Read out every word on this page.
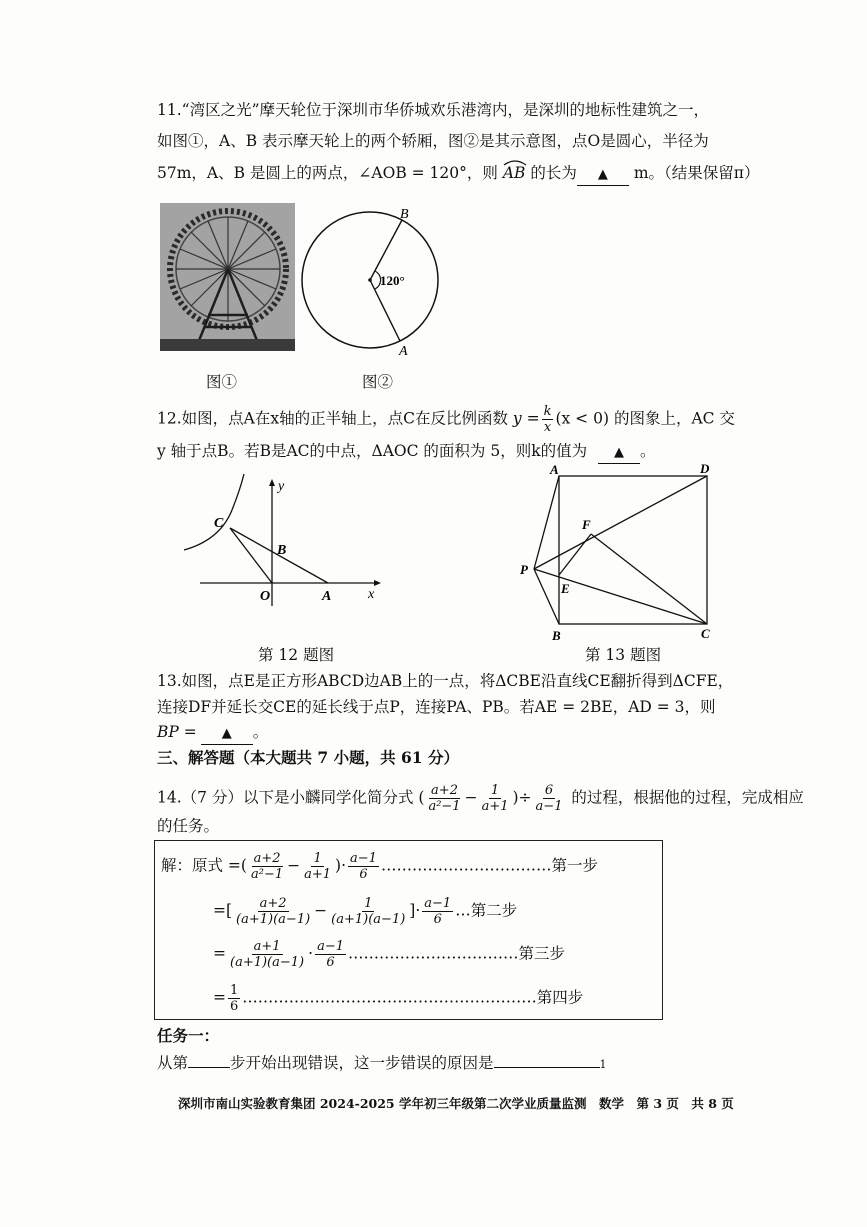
11.“湾区之光”摩天轮位于深圳市华侨城欢乐港湾内，是深圳的地标性建筑之一，
如图①，A、B 表示摩天轮上的两个轿厢，图②是其示意图，点O是圆心，半径为
57m，A、B 是圆上的两点，∠AOB = 120°，则 AB 的长为 ▲ m。（结果保留π）
图①
120°
B
A
图②
12.如图，点A在x轴的正半轴上，点C在反比例函数 $y = \frac{k}{x} (x < 0)$ 的图象上，AC 交
y 轴于点B。若B是AC的中点，ΔAOC 的面积为 5，则k的值为 ▲ 。
y
C
B
O	A	x
第 12 题图
A	D
F
P
E
B	C
第 13 题图
13.如图，点E是正方形ABCD边AB上的一点，将ΔCBE沿直线CE翻折得到ΔCFE，
连接DF并延长交CE的延长线于点P，连接PA、PB。若AE = 2BE，AD = 3，则
BP = ▲ 。
三、解答题（本大题共 7 小题，共 61 分）
14.（7 分）以下是小麟同学化简分式 ( $\frac{a+2}{\text{a²−1}} - \frac{1}{a+1}$ )÷ $\frac{6}{a-1}$ 的过程，根据他的过程，完成相应
的任务。
解：原式 =( $\frac{a+2}{\text{a²−1}} - \frac{1}{a+1}$ )· $\frac{a-1}{6}$ ……………………………第一步
=[ $\frac{a+2}{(a+1)(a-1)} - \frac{1}{(a+1)(a-1)}$ ]· $\frac{a-1}{6}$ …第二步
= $\frac{a+1}{(a+1)(a-1)} \cdot \frac{a-1}{6}$ ……………………………第三步
= $\frac{1}{6}$ …………………………………………………第四步
任务一：
从第	步开始出现错误，这一步错误的原因是	1
深圳市南山实验教育集团 2024-2025 学年初三年级第二次学业质量监测　数学　第 3 页　共 8 页
